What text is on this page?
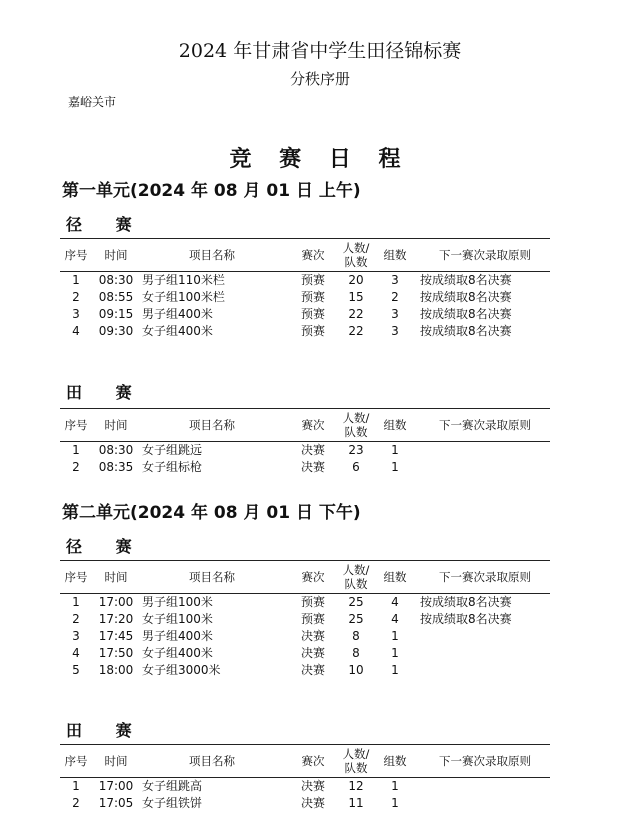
2024 年甘肃省中学生田径锦标赛
分秩序册
嘉峪关市
竞 赛 日 程
第一单元(2024 年 08 月 01 日 上午)
径 赛
序号	时间	项目名称	赛次	人数/
队数	组数	下一赛次录取原则
1	08:30 男子组110米栏	预赛	20	3	按成绩取8名决赛
2	08:55 女子组100米栏	预赛	15	2	按成绩取8名决赛
3	09:15 男子组400米	预赛	22	3	按成绩取8名决赛
4	09:30 女子组400米	预赛	22	3	按成绩取8名决赛
田 赛
序号	时间	项目名称	赛次	人数/
队数	组数	下一赛次录取原则
1	08:30 女子组跳远	决赛	23	1
2	08:35 女子组标枪	决赛	6	1
第二单元(2024 年 08 月 01 日 下午)
径 赛
序号	时间	项目名称	赛次	人数/
队数	组数	下一赛次录取原则
1	17:00 男子组100米	预赛	25	4	按成绩取8名决赛
2	17:20 女子组100米	预赛	25	4	按成绩取8名决赛
3	17:45 男子组400米	决赛	8	1
4	17:50 女子组400米	决赛	8	1
5	18:00 女子组3000米	决赛	10	1
田 赛
序号	时间	项目名称	赛次	人数/
队数	组数	下一赛次录取原则
1	17:00 女子组跳高	决赛	12	1
2	17:05 女子组铁饼	决赛	11	1
